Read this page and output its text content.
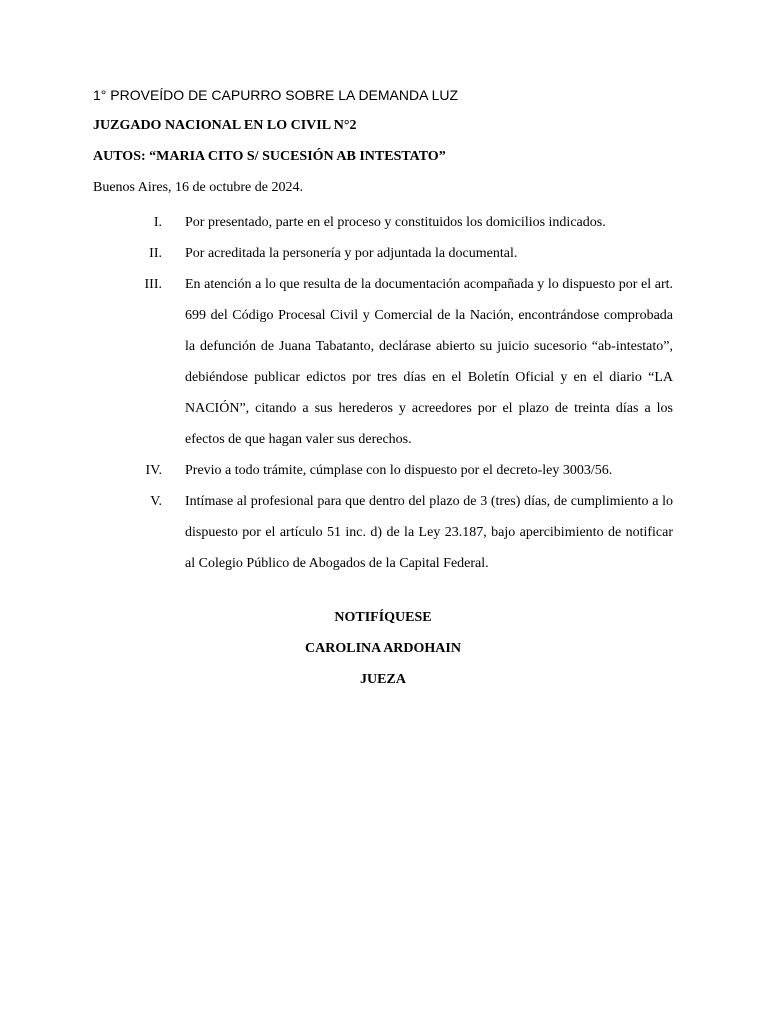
1° PROVEÍDO DE CAPURRO SOBRE LA DEMANDA LUZ
JUZGADO NACIONAL EN LO CIVIL N°2
AUTOS: “MARIA CITO S/ SUCESIÓN AB INTESTATO”
Buenos Aires, 16 de octubre de 2024.
I. Por presentado, parte en el proceso y constituidos los domicilios indicados.
II. Por acreditada la personería y por adjuntada la documental.
III. En atención a lo que resulta de la documentación acompañada y lo dispuesto por el art. 699 del Código Procesal Civil y Comercial de la Nación, encontrándose comprobada la defunción de Juana Tabatanto, declárase abierto su juicio sucesorio “ab-intestato”, debiéndose publicar edictos por tres días en el Boletín Oficial y en el diario “LA NACIÓN”, citando a sus herederos y acreedores por el plazo de treinta días a los efectos de que hagan valer sus derechos.
IV. Previo a todo trámite, cúmplase con lo dispuesto por el decreto-ley 3003/56.
V. Intímase al profesional para que dentro del plazo de 3 (tres) días, de cumplimiento a lo dispuesto por el artículo 51 inc. d) de la Ley 23.187, bajo apercibimiento de notificar al Colegio Público de Abogados de la Capital Federal.
NOTIFÍQUESE
CAROLINA ARDOHAIN
JUEZA
